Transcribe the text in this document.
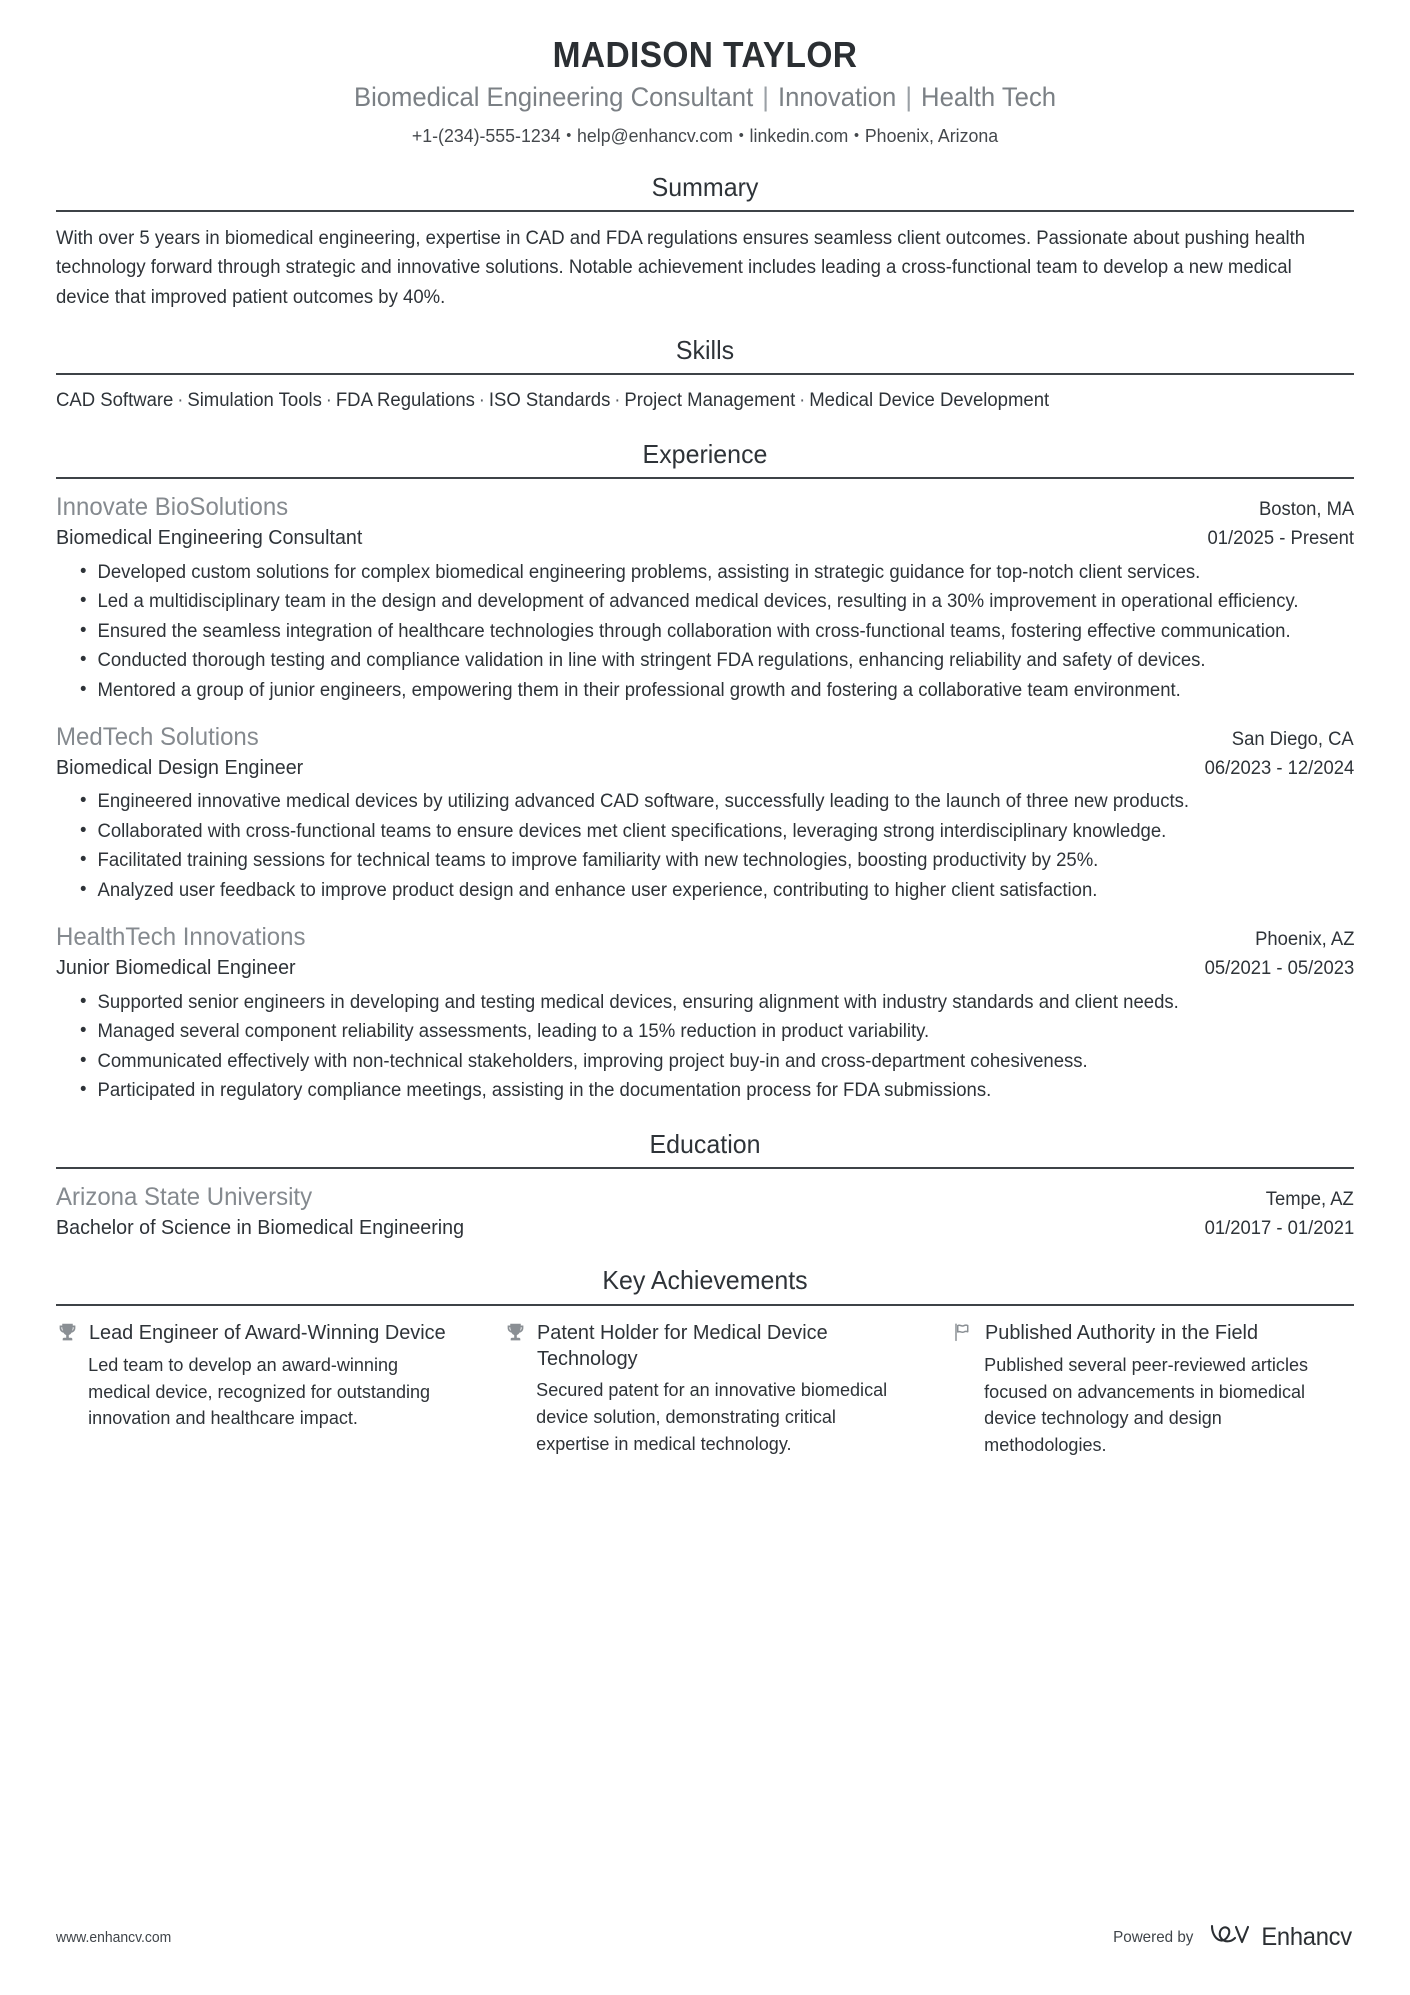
MADISON TAYLOR
Biomedical Engineering Consultant | Innovation | Health Tech
+1-(234)-555-1234 • help@enhancv.com • linkedin.com • Phoenix, Arizona
Summary
With over 5 years in biomedical engineering, expertise in CAD and FDA regulations ensures seamless client outcomes. Passionate about pushing health technology forward through strategic and innovative solutions. Notable achievement includes leading a cross-functional team to develop a new medical device that improved patient outcomes by 40%.
Skills
CAD Software · Simulation Tools · FDA Regulations · ISO Standards · Project Management · Medical Device Development
Experience
Innovate BioSolutions	Boston, MA
Biomedical Engineering Consultant	01/2025 - Present
• Developed custom solutions for complex biomedical engineering problems, assisting in strategic guidance for top-notch client services.
• Led a multidisciplinary team in the design and development of advanced medical devices, resulting in a 30% improvement in operational efficiency.
• Ensured the seamless integration of healthcare technologies through collaboration with cross-functional teams, fostering effective communication.
• Conducted thorough testing and compliance validation in line with stringent FDA regulations, enhancing reliability and safety of devices.
• Mentored a group of junior engineers, empowering them in their professional growth and fostering a collaborative team environment.
MedTech Solutions	San Diego, CA
Biomedical Design Engineer	06/2023 - 12/2024
• Engineered innovative medical devices by utilizing advanced CAD software, successfully leading to the launch of three new products.
• Collaborated with cross-functional teams to ensure devices met client specifications, leveraging strong interdisciplinary knowledge.
• Facilitated training sessions for technical teams to improve familiarity with new technologies, boosting productivity by 25%.
• Analyzed user feedback to improve product design and enhance user experience, contributing to higher client satisfaction.
HealthTech Innovations	Phoenix, AZ
Junior Biomedical Engineer	05/2021 - 05/2023
• Supported senior engineers in developing and testing medical devices, ensuring alignment with industry standards and client needs.
• Managed several component reliability assessments, leading to a 15% reduction in product variability.
• Communicated effectively with non-technical stakeholders, improving project buy-in and cross-department cohesiveness.
• Participated in regulatory compliance meetings, assisting in the documentation process for FDA submissions.
Education
Arizona State University	Tempe, AZ
Bachelor of Science in Biomedical Engineering	01/2017 - 01/2021
Key Achievements
Lead Engineer of Award-Winning Device
Led team to develop an award-winning medical device, recognized for outstanding innovation and healthcare impact.
Patent Holder for Medical Device Technology
Secured patent for an innovative biomedical device solution, demonstrating critical expertise in medical technology.
Published Authority in the Field
Published several peer-reviewed articles focused on advancements in biomedical device technology and design methodologies.
www.enhancv.com	Powered by	Enhancv
